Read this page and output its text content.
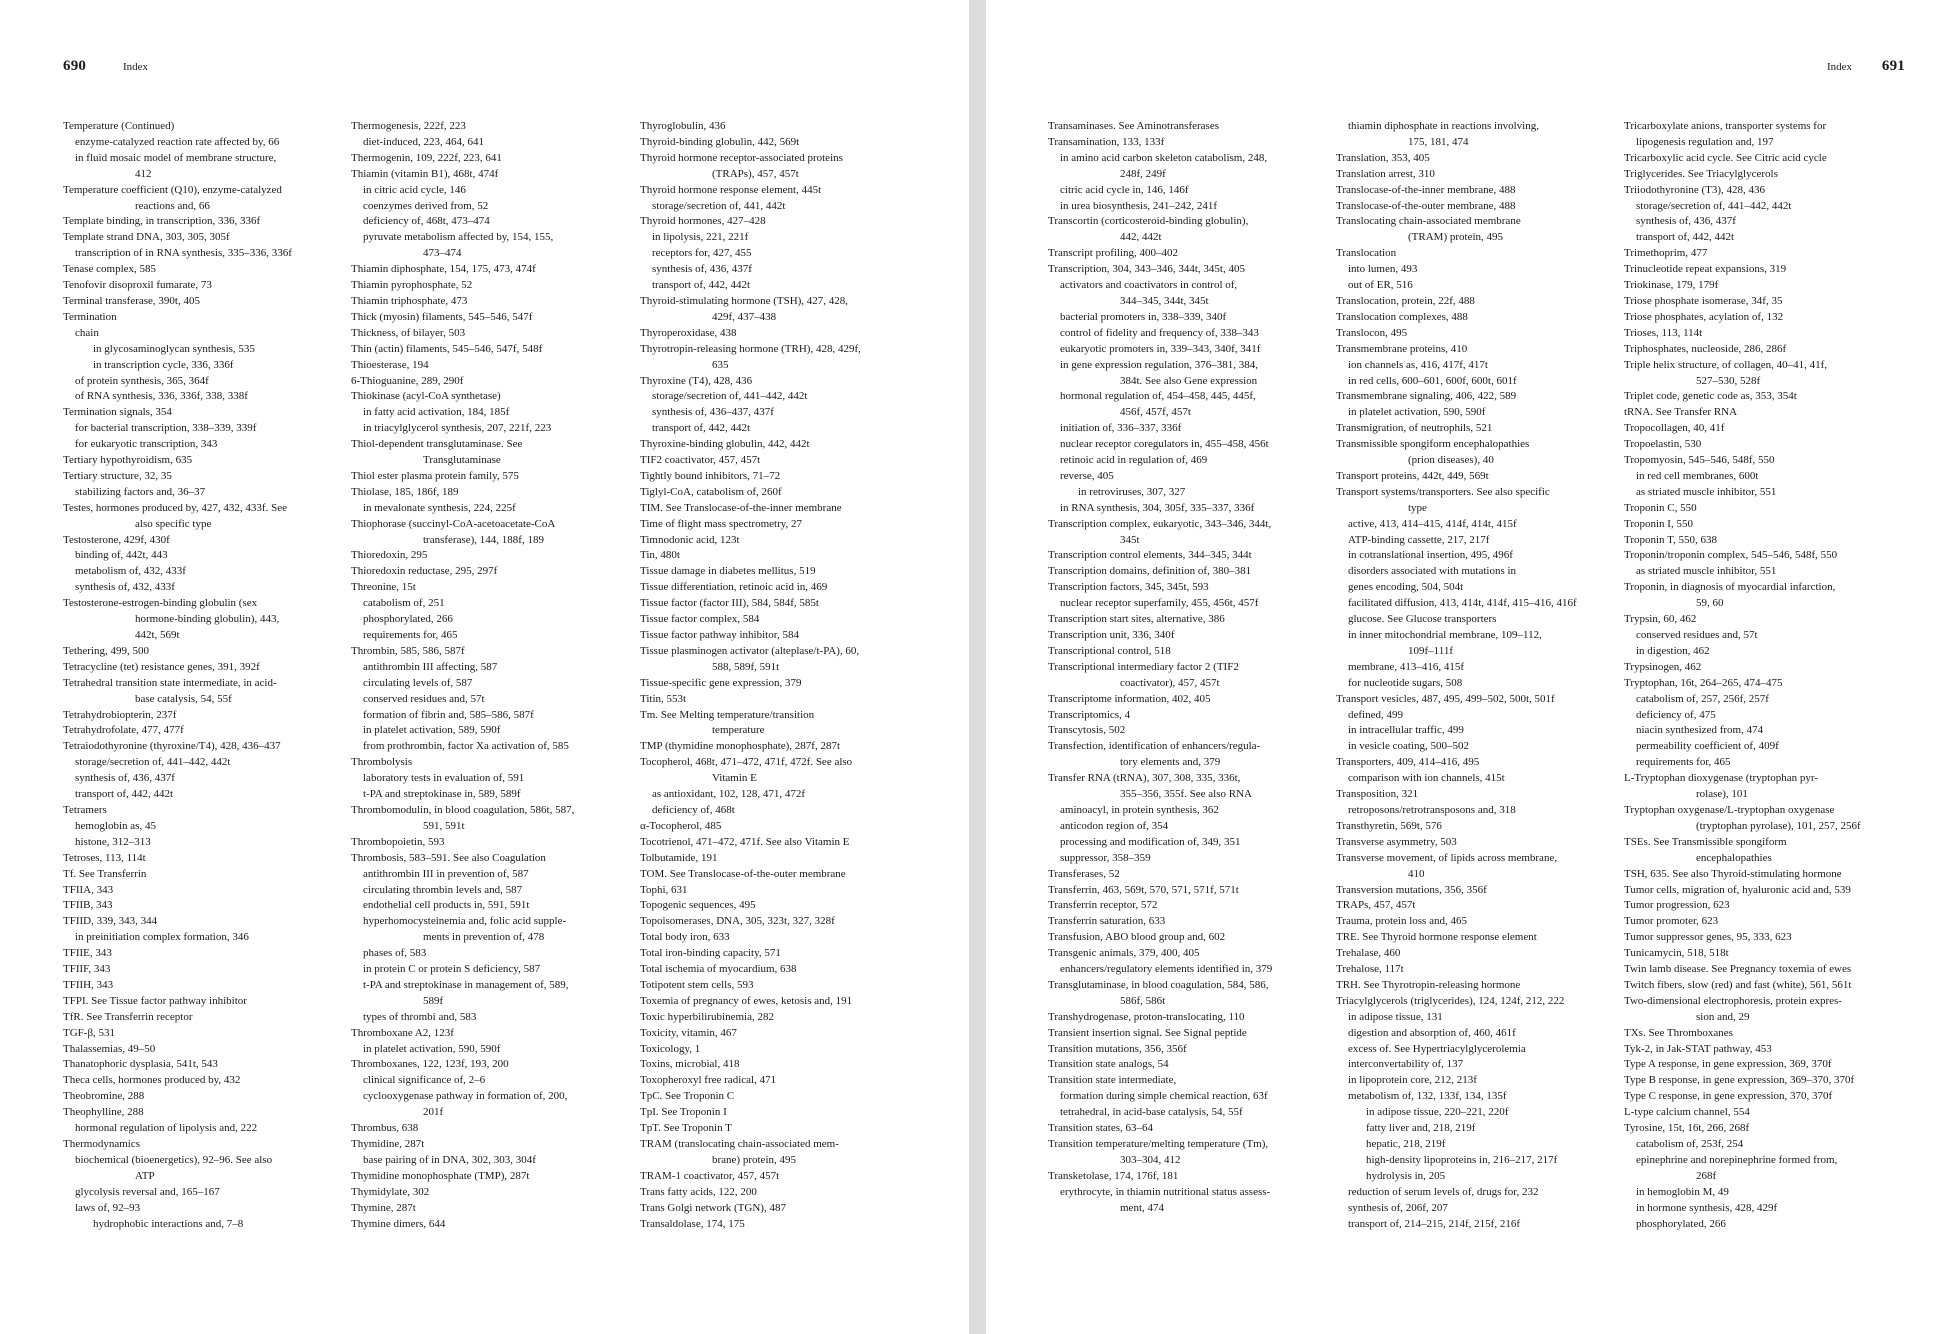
690	Index
Temperature (Continued)
enzyme-catalyzed reaction rate affected by, 66
in fluid mosaic model of membrane structure,
412
Temperature coefficient (Q10), enzyme-catalyzed
reactions and, 66
Template binding, in transcription, 336, 336f
Template strand DNA, 303, 305, 305f
transcription of in RNA synthesis, 335–336, 336f
Tenase complex, 585
Tenofovir disoproxil fumarate, 73
Terminal transferase, 390t, 405
Termination
chain
in glycosaminoglycan synthesis, 535
in transcription cycle, 336, 336f
of protein synthesis, 365, 364f
of RNA synthesis, 336, 336f, 338, 338f
Termination signals, 354
for bacterial transcription, 338–339, 339f
for eukaryotic transcription, 343
Tertiary hypothyroidism, 635
Tertiary structure, 32, 35
stabilizing factors and, 36–37
Testes, hormones produced by, 427, 432, 433f. See
also specific type
Testosterone, 429f, 430f
binding of, 442t, 443
metabolism of, 432, 433f
synthesis of, 432, 433f
Testosterone-estrogen-binding globulin (sex
hormone-binding globulin), 443,
442t, 569t
Tethering, 499, 500
Tetracycline (tet) resistance genes, 391, 392f
Tetrahedral transition state intermediate, in acid-
base catalysis, 54, 55f
Tetrahydrobiopterin, 237f
Tetrahydrofolate, 477, 477f
Tetraiodothyronine (thyroxine/T4), 428, 436–437
storage/secretion of, 441–442, 442t
synthesis of, 436, 437f
transport of, 442, 442t
Tetramers
hemoglobin as, 45
histone, 312–313
Tetroses, 113, 114t
Tf. See Transferrin
TFIIA, 343
TFIIB, 343
TFIID, 339, 343, 344
in preinitiation complex formation, 346
TFIIE, 343
TFIIF, 343
TFIIH, 343
TFPI. See Tissue factor pathway inhibitor
TfR. See Transferrin receptor
TGF-β, 531
Thalassemias, 49–50
Thanatophoric dysplasia, 541t, 543
Theca cells, hormones produced by, 432
Theobromine, 288
Theophylline, 288
hormonal regulation of lipolysis and, 222
Thermodynamics
biochemical (bioenergetics), 92–96. See also
ATP
glycolysis reversal and, 165–167
laws of, 92–93
hydrophobic interactions and, 7–8
Thermogenesis, 222f, 223
diet-induced, 223, 464, 641
Thermogenin, 109, 222f, 223, 641
Thiamin (vitamin B1), 468t, 474f
in citric acid cycle, 146
coenzymes derived from, 52
deficiency of, 468t, 473–474
pyruvate metabolism affected by, 154, 155,
473–474
Thiamin diphosphate, 154, 175, 473, 474f
Thiamin pyrophosphate, 52
Thiamin triphosphate, 473
Thick (myosin) filaments, 545–546, 547f
Thickness, of bilayer, 503
Thin (actin) filaments, 545–546, 547f, 548f
Thioesterase, 194
6-Thioguanine, 289, 290f
Thiokinase (acyl-CoA synthetase)
in fatty acid activation, 184, 185f
in triacylglycerol synthesis, 207, 221f, 223
Thiol-dependent transglutaminase. See
Transglutaminase
Thiol ester plasma protein family, 575
Thiolase, 185, 186f, 189
in mevalonate synthesis, 224, 225f
Thiophorase (succinyl-CoA-acetoacetate-CoA
transferase), 144, 188f, 189
Thioredoxin, 295
Thioredoxin reductase, 295, 297f
Threonine, 15t
catabolism of, 251
phosphorylated, 266
requirements for, 465
Thrombin, 585, 586, 587f
antithrombin III affecting, 587
circulating levels of, 587
conserved residues and, 57t
formation of fibrin and, 585–586, 587f
in platelet activation, 589, 590f
from prothrombin, factor Xa activation of, 585
Thrombolysis
laboratory tests in evaluation of, 591
t-PA and streptokinase in, 589, 589f
Thrombomodulin, in blood coagulation, 586t, 587,
591, 591t
Thrombopoietin, 593
Thrombosis, 583–591. See also Coagulation
antithrombin III in prevention of, 587
circulating thrombin levels and, 587
endothelial cell products in, 591, 591t
hyperhomocysteinemia and, folic acid supple-
ments in prevention of, 478
phases of, 583
in protein C or protein S deficiency, 587
t-PA and streptokinase in management of, 589,
589f
types of thrombi and, 583
Thromboxane A2, 123f
in platelet activation, 590, 590f
Thromboxanes, 122, 123f, 193, 200
clinical significance of, 2–6
cyclooxygenase pathway in formation of, 200,
201f
Thrombus, 638
Thymidine, 287t
base pairing of in DNA, 302, 303, 304f
Thymidine monophosphate (TMP), 287t
Thymidylate, 302
Thymine, 287t
Thymine dimers, 644
Thyroglobulin, 436
Thyroid-binding globulin, 442, 569t
Thyroid hormone receptor-associated proteins
(TRAPs), 457, 457t
Thyroid hormone response element, 445t
storage/secretion of, 441, 442t
Thyroid hormones, 427–428
in lipolysis, 221, 221f
receptors for, 427, 455
synthesis of, 436, 437f
transport of, 442, 442t
Thyroid-stimulating hormone (TSH), 427, 428,
429f, 437–438
Thyroperoxidase, 438
Thyrotropin-releasing hormone (TRH), 428, 429f,
635
Thyroxine (T4), 428, 436
storage/secretion of, 441–442, 442t
synthesis of, 436–437, 437f
transport of, 442, 442t
Thyroxine-binding globulin, 442, 442t
TIF2 coactivator, 457, 457t
Tightly bound inhibitors, 71–72
Tiglyl-CoA, catabolism of, 260f
TIM. See Translocase-of-the-inner membrane
Time of flight mass spectrometry, 27
Timnodonic acid, 123t
Tin, 480t
Tissue damage in diabetes mellitus, 519
Tissue differentiation, retinoic acid in, 469
Tissue factor (factor III), 584, 584f, 585t
Tissue factor complex, 584
Tissue factor pathway inhibitor, 584
Tissue plasminogen activator (alteplase/t-PA), 60,
588, 589f, 591t
Tissue-specific gene expression, 379
Titin, 553t
Tm. See Melting temperature/transition
temperature
TMP (thymidine monophosphate), 287f, 287t
Tocopherol, 468t, 471–472, 471f, 472f. See also
Vitamin E
as antioxidant, 102, 128, 471, 472f
deficiency of, 468t
α-Tocopherol, 485
Tocotrienol, 471–472, 471f. See also Vitamin E
Tolbutamide, 191
TOM. See Translocase-of-the-outer membrane
Tophi, 631
Topogenic sequences, 495
Topoisomerases, DNA, 305, 323t, 327, 328f
Total body iron, 633
Total iron-binding capacity, 571
Total ischemia of myocardium, 638
Totipotent stem cells, 593
Toxemia of pregnancy of ewes, ketosis and, 191
Toxic hyperbilirubinemia, 282
Toxicity, vitamin, 467
Toxicology, 1
Toxins, microbial, 418
Toxopheroxyl free radical, 471
TpC. See Troponin C
TpI. See Troponin I
TpT. See Troponin T
TRAM (translocating chain-associated mem-
brane) protein, 495
TRAM-1 coactivator, 457, 457t
Trans fatty acids, 122, 200
Trans Golgi network (TGN), 487
Transaldolase, 174, 175
Index 691
Transaminases. See Aminotransferases
Transamination, 133, 133f
in amino acid carbon skeleton catabolism, 248,
248f, 249f
citric acid cycle in, 146, 146f
in urea biosynthesis, 241–242, 241f
Transcortin (corticosteroid-binding globulin),
442, 442t
Transcript profiling, 400–402
Transcription, 304, 343–346, 344t, 345t, 405
activators and coactivators in control of,
344–345, 344t, 345t
bacterial promoters in, 338–339, 340f
control of fidelity and frequency of, 338–343
eukaryotic promoters in, 339–343, 340f, 341f
in gene expression regulation, 376–381, 384,
384t. See also Gene expression
hormonal regulation of, 454–458, 445, 445f,
456f, 457f, 457t
initiation of, 336–337, 336f
nuclear receptor coregulators in, 455–458, 456t
retinoic acid in regulation of, 469
reverse, 405
in retroviruses, 307, 327
in RNA synthesis, 304, 305f, 335–337, 336f
Transcription complex, eukaryotic, 343–346, 344t,
345t
Transcription control elements, 344–345, 344t
Transcription domains, definition of, 380–381
Transcription factors, 345, 345t, 593
nuclear receptor superfamily, 455, 456t, 457f
Transcription start sites, alternative, 386
Transcription unit, 336, 340f
Transcriptional control, 518
Transcriptional intermediary factor 2 (TIF2
coactivator), 457, 457t
Transcriptome information, 402, 405
Transcriptomics, 4
Transcytosis, 502
Transfection, identification of enhancers/regula-
tory elements and, 379
Transfer RNA (tRNA), 307, 308, 335, 336t,
355–356, 355f. See also RNA
aminoacyl, in protein synthesis, 362
anticodon region of, 354
processing and modification of, 349, 351
suppressor, 358–359
Transferases, 52
Transferrin, 463, 569t, 570, 571, 571f, 571t
Transferrin receptor, 572
Transferrin saturation, 633
Transfusion, ABO blood group and, 602
Transgenic animals, 379, 400, 405
enhancers/regulatory elements identified in, 379
Transglutaminase, in blood coagulation, 584, 586,
586f, 586t
Transhydrogenase, proton-translocating, 110
Transient insertion signal. See Signal peptide
Transition mutations, 356, 356f
Transition state analogs, 54
Transition state intermediate,
formation during simple chemical reaction, 63f
tetrahedral, in acid-base catalysis, 54, 55f
Transition states, 63–64
Transition temperature/melting temperature (Tm),
303–304, 412
Transketolase, 174, 176f, 181
erythrocyte, in thiamin nutritional status assess-
ment, 474
thiamin diphosphate in reactions involving,
175, 181, 474
Translation, 353, 405
Translation arrest, 310
Translocase-of-the-inner membrane, 488
Translocase-of-the-outer membrane, 488
Translocating chain-associated membrane
(TRAM) protein, 495
Translocation
into lumen, 493
out of ER, 516
Translocation, protein, 22f, 488
Translocation complexes, 488
Translocon, 495
Transmembrane proteins, 410
ion channels as, 416, 417f, 417t
in red cells, 600–601, 600f, 600t, 601f
Transmembrane signaling, 406, 422, 589
in platelet activation, 590, 590f
Transmigration, of neutrophils, 521
Transmissible spongiform encephalopathies
(prion diseases), 40
Transport proteins, 442t, 449, 569t
Transport systems/transporters. See also specific
type
active, 413, 414–415, 414f, 414t, 415f
ATP-binding cassette, 217, 217f
in cotranslational insertion, 495, 496f
disorders associated with mutations in
genes encoding, 504, 504t
facilitated diffusion, 413, 414t, 414f, 415–416, 416f
glucose. See Glucose transporters
in inner mitochondrial membrane, 109–112,
109f–111f
membrane, 413–416, 415f
for nucleotide sugars, 508
Transport vesicles, 487, 495, 499–502, 500t, 501f
defined, 499
in intracellular traffic, 499
in vesicle coating, 500–502
Transporters, 409, 414–416, 495
comparison with ion channels, 415t
Transposition, 321
retroposons/retrotransposons and, 318
Transthyretin, 569t, 576
Transverse asymmetry, 503
Transverse movement, of lipids across membrane,
410
Transversion mutations, 356, 356f
TRAPs, 457, 457t
Trauma, protein loss and, 465
TRE. See Thyroid hormone response element
Trehalase, 460
Trehalose, 117t
TRH. See Thyrotropin-releasing hormone
Triacylglycerols (triglycerides), 124, 124f, 212, 222
in adipose tissue, 131
digestion and absorption of, 460, 461f
excess of. See Hypertriacylglycerolemia
interconvertability of, 137
in lipoprotein core, 212, 213f
metabolism of, 132, 133f, 134, 135f
in adipose tissue, 220–221, 220f
fatty liver and, 218, 219f
hepatic, 218, 219f
high-density lipoproteins in, 216–217, 217f
hydrolysis in, 205
reduction of serum levels of, drugs for, 232
synthesis of, 206f, 207
transport of, 214–215, 214f, 215f, 216f
Tricarboxylate anions, transporter systems for
lipogenesis regulation and, 197
Tricarboxylic acid cycle. See Citric acid cycle
Triglycerides. See Triacylglycerols
Triiodothyronine (T3), 428, 436
storage/secretion of, 441–442, 442t
synthesis of, 436, 437f
transport of, 442, 442t
Trimethoprim, 477
Trinucleotide repeat expansions, 319
Triokinase, 179, 179f
Triose phosphate isomerase, 34f, 35
Triose phosphates, acylation of, 132
Trioses, 113, 114t
Triphosphates, nucleoside, 286, 286f
Triple helix structure, of collagen, 40–41, 41f,
527–530, 528f
Triplet code, genetic code as, 353, 354t
tRNA. See Transfer RNA
Tropocollagen, 40, 41f
Tropoelastin, 530
Tropomyosin, 545–546, 548f, 550
in red cell membranes, 600t
as striated muscle inhibitor, 551
Troponin C, 550
Troponin I, 550
Troponin T, 550, 638
Troponin/troponin complex, 545–546, 548f, 550
as striated muscle inhibitor, 551
Troponin, in diagnosis of myocardial infarction,
59, 60
Trypsin, 60, 462
conserved residues and, 57t
in digestion, 462
Trypsinogen, 462
Tryptophan, 16t, 264–265, 474–475
catabolism of, 257, 256f, 257f
deficiency of, 475
niacin synthesized from, 474
permeability coefficient of, 409f
requirements for, 465
L-Tryptophan dioxygenase (tryptophan pyr-
rolase), 101
Tryptophan oxygenase/L-tryptophan oxygenase
(tryptophan pyrolase), 101, 257, 256f
TSEs. See Transmissible spongiform
encephalopathies
TSH, 635. See also Thyroid-stimulating hormone
Tumor cells, migration of, hyaluronic acid and, 539
Tumor progression, 623
Tumor promoter, 623
Tumor suppressor genes, 95, 333, 623
Tunicamycin, 518, 518t
Twin lamb disease. See Pregnancy toxemia of ewes
Twitch fibers, slow (red) and fast (white), 561, 561t
Two-dimensional electrophoresis, protein expres-
sion and, 29
TXs. See Thromboxanes
Tyk-2, in Jak-STAT pathway, 453
Type A response, in gene expression, 369, 370f
Type B response, in gene expression, 369–370, 370f
Type C response, in gene expression, 370, 370f
L-type calcium channel, 554
Tyrosine, 15t, 16t, 266, 268f
catabolism of, 253f, 254
epinephrine and norepinephrine formed from,
268f
in hemoglobin M, 49
in hormone synthesis, 428, 429f
phosphorylated, 266
